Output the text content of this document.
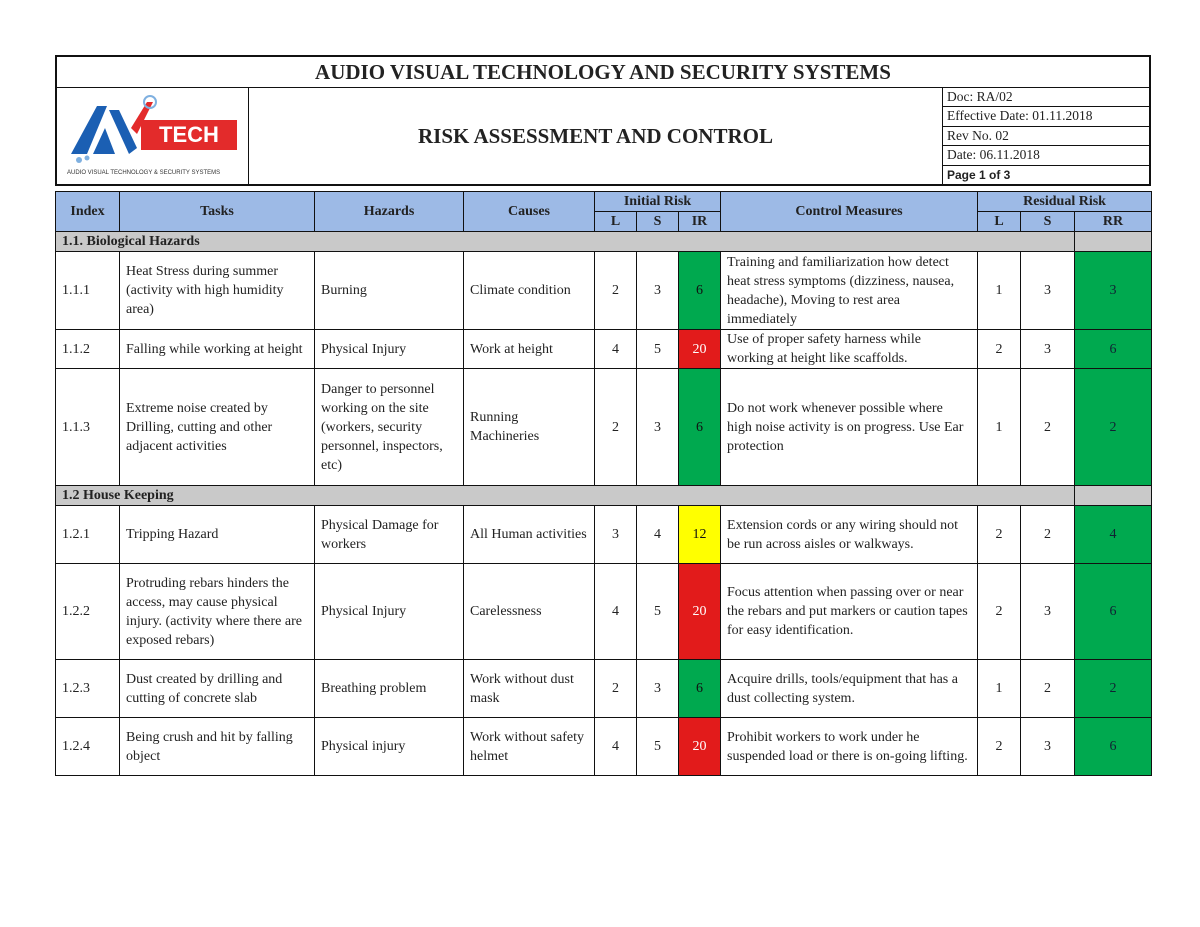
AUDIO VISUAL TECHNOLOGY AND SECURITY SYSTEMS
TECH
AUDIO VISUAL TECHNOLOGY & SECURITY SYSTEMS
RISK ASSESSMENT AND CONTROL
Doc: RA/02
Effective Date: 01.11.2018
Rev No. 02
Date: 06.11.2018
Page 1 of 3
Index	Tasks	Hazards	Causes	Initial Risk			Control Measures	Residual Risk		
				L	S	IR		L	S	RR
1.1. Biological Hazards										
1.1.1	Heat Stress during summer (activity with high humidity area)	Burning	Climate condition	2	3	6	Training and familiarization how detect heat stress symptoms (dizziness, nausea, headache), Moving to rest area immediately	1	3	3
1.1.2	Falling while working at height	Physical Injury	Work at height	4	5	20	Use of proper safety harness while working at height like scaffolds.	2	3	6
1.1.3	Extreme noise created by Drilling, cutting and other adjacent activities	Danger to personnel working on the site (workers, security personnel, inspectors, etc)	Running Machineries	2	3	6	Do not work whenever possible where high noise activity is on progress. Use Ear protection	1	2	2
1.2 House Keeping										
1.2.1	Tripping Hazard	Physical Damage for workers	All Human activities	3	4	12	Extension cords or any wiring should not be run across aisles or walkways.	2	2	4
1.2.2	Protruding rebars hinders the access, may cause physical injury. (activity where there are exposed rebars)	Physical Injury	Carelessness	4	5	20	Focus attention when passing over or near the rebars and put markers or caution tapes for easy identification.	2	3	6
1.2.3	Dust created by drilling and cutting of concrete slab	Breathing problem	Work without dust mask	2	3	6	Acquire drills, tools/equipment that has a dust collecting system.	1	2	2
1.2.4	Being crush and hit by falling object	Physical injury	Work without safety helmet	4	5	20	Prohibit workers to work under he suspended load or there is on-going lifting.	2	3	6
